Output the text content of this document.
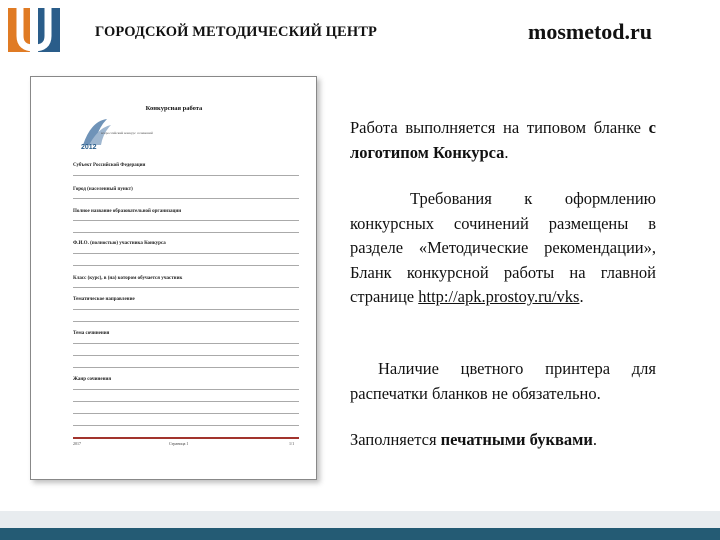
ГОРОДСКОЙ МЕТОДИЧЕСКИЙ ЦЕНТР	mosmetod.ru
Конкурсная работа
2012
всероссийский конкурс сочинений
Субъект Российской Федерации
Город (населенный пункт)
Полное название образовательной организации
Ф.И.О. (полностью) участника Конкурса
Класс (курс), в (на) котором обучается участник
Тематическое направление
Тема сочинения
Жанр сочинения
2017	Страница 1	1/1
Работа выполняется на типовом бланке с логотипом Конкурса.
Требования к оформлению конкурсных сочинений размещены в разделе «Методические рекомендации», Бланк конкурсной работы на главной странице http://apk.prostoy.ru/vks.
Наличие цветного принтера для распечатки бланков не обязательно.
Заполняется печатными буквами.
